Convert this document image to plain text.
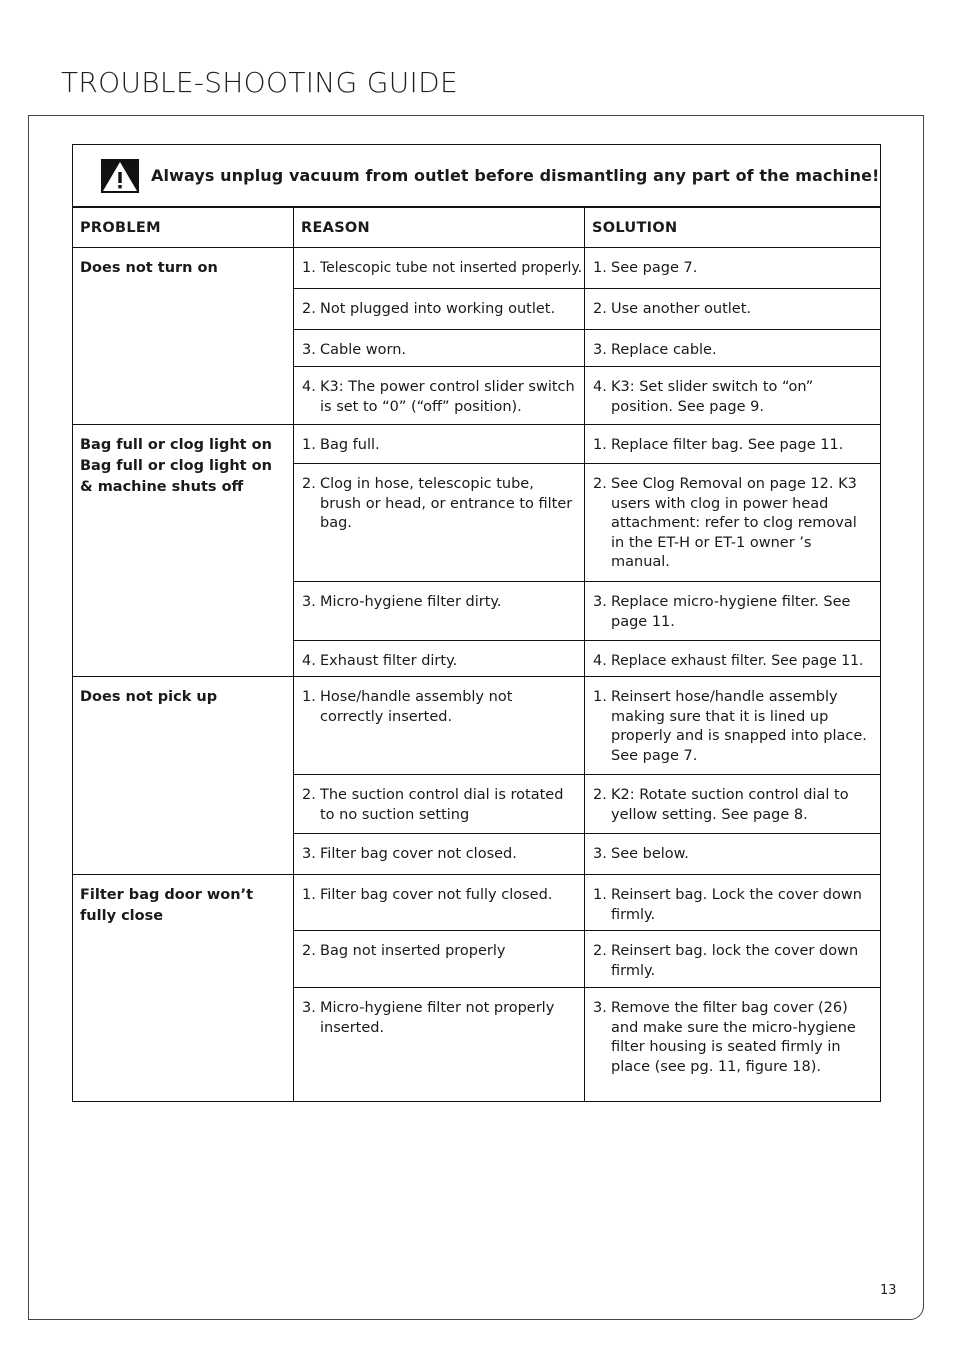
TROUBLE-SHOOTING GUIDE
Always unplug vacuum from outlet before dismantling any part of the machine!		

PROBLEM	REASON	SOLUTION
Does not turn on	1. Telescopic tube not inserted properly.	1. See page 7.

	2. Not plugged into working outlet.	2. Use another outlet.

	3. Cable worn.	3. Replace cable.

	4. K3: The power control slider switch is set to “0” (“off” position).	4. K3: Set slider switch to “on” position. See page 9.

Bag full or clog light on Bag full or clog light on & machine shuts off	1. Bag full.	1. Replace filter bag. See page 11.

	2. Clog in hose, telescopic tube, brush or head, or entrance to filter bag.	2. See Clog Removal on page 12. K3 users with clog in power head attachment: refer to clog removal in the ET-H or ET-1 owner ’s manual.

	3. Micro-hygiene filter dirty.	3. Replace micro-hygiene filter. See page 11.

	4. Exhaust filter dirty.	4. Replace exhaust filter. See page 11.

Does not pick up	1. Hose/handle assembly not correctly inserted.	1. Reinsert hose/handle assembly making sure that it is lined up properly and is snapped into place. See page 7.

	2. The suction control dial is rotated to no suction setting	2. K2: Rotate suction control dial to yellow setting. See page 8.

	3. Filter bag cover not closed.	3. See below.

Filter bag door won’t fully close	1. Filter bag cover not fully closed.	1. Reinsert bag. Lock the cover down firmly.

	2. Bag not inserted properly	2. Reinsert bag. lock the cover down firmly.

	3. Micro-hygiene filter not properly inserted.	3. Remove the filter bag cover (26) and make sure the micro-hygiene filter housing is seated firmly in place (see pg. 11, figure 18).
13
